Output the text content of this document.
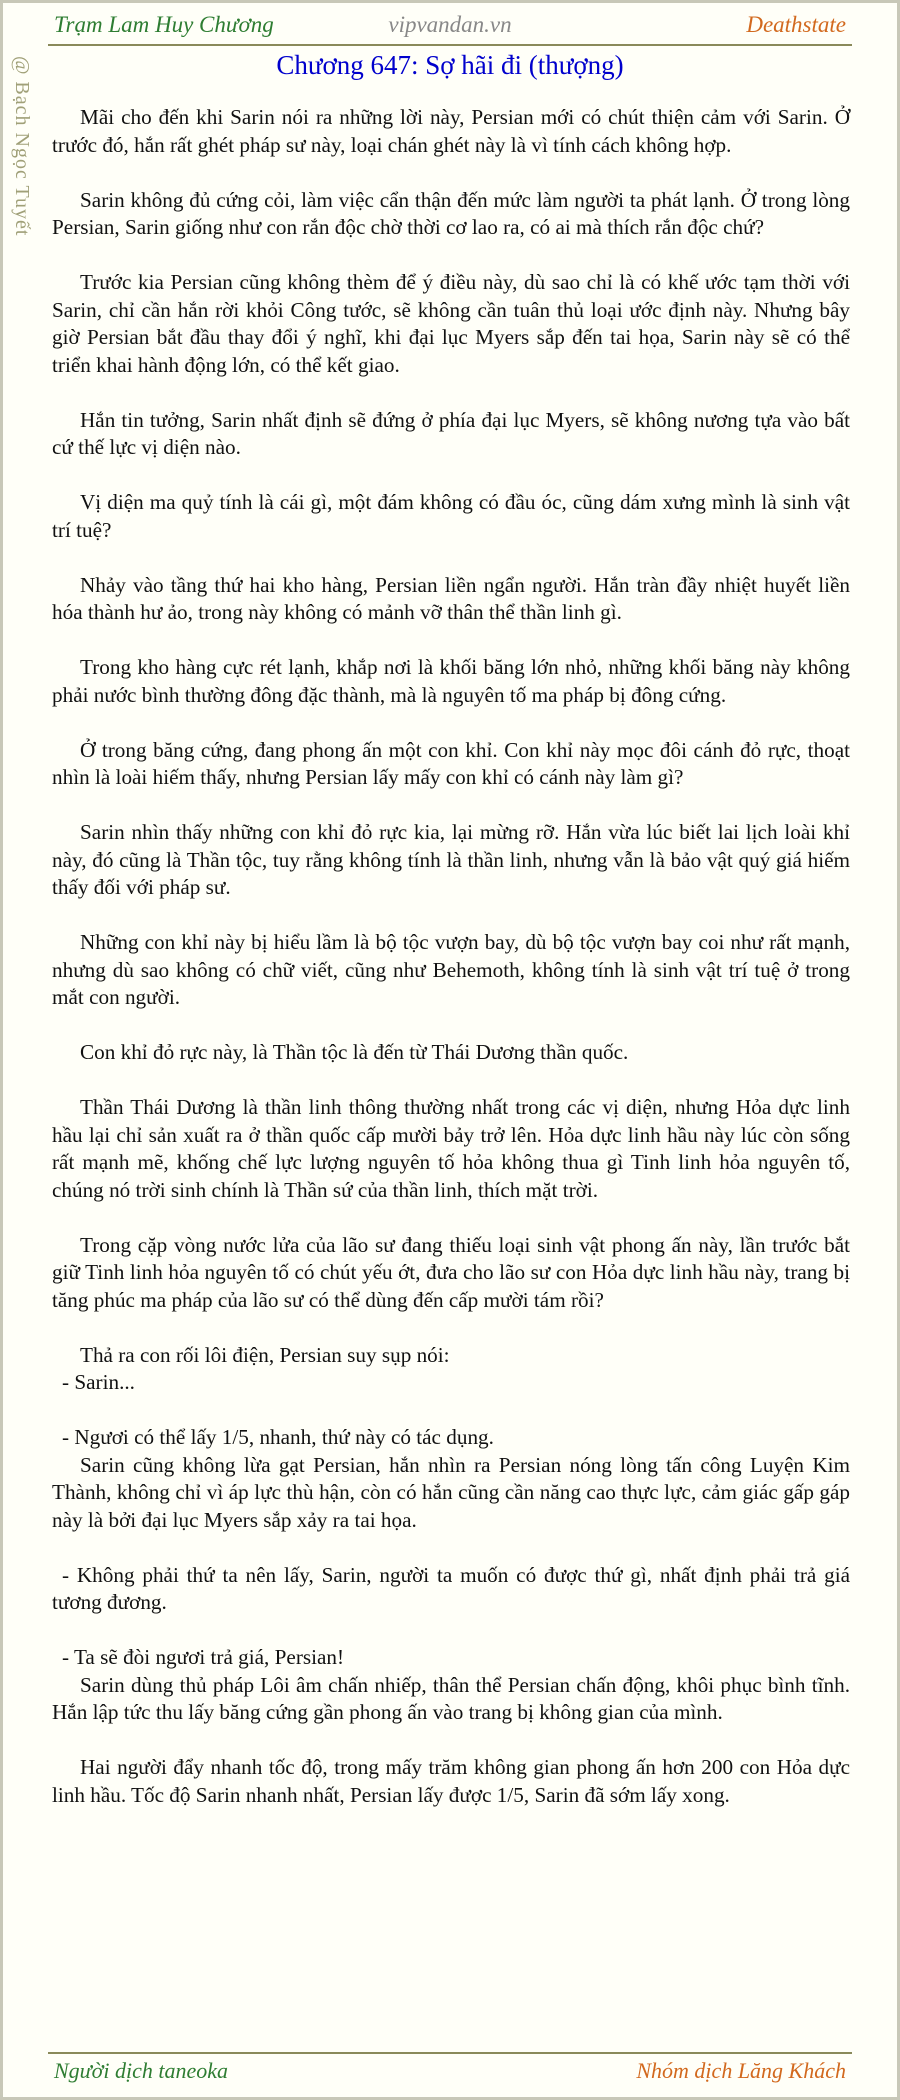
vipvandan.vn
Trạm Lam Huy Chương	Deathstate
@ Bạch Ngọc Tuyết	Chương 647: Sợ hãi đi (thượng)

Mãi cho đến khi Sarin nói ra những lời này, Persian mới có chút thiện cảm với Sarin. Ở trước đó, hắn rất ghét pháp sư này, loại chán ghét này là vì tính cách không hợp.

Sarin không đủ cứng cỏi, làm việc cẩn thận đến mức làm người ta phát lạnh. Ở trong lòng Persian, Sarin giống như con rắn độc chờ thời cơ lao ra, có ai mà thích rắn độc chứ?

Trước kia Persian cũng không thèm để ý điều này, dù sao chỉ là có khế ước tạm thời với Sarin, chỉ cần hắn rời khỏi Công tước, sẽ không cần tuân thủ loại ước định này. Nhưng bây giờ Persian bắt đầu thay đổi ý nghĩ, khi đại lục Myers sắp đến tai họa, Sarin này sẽ có thể triển khai hành động lớn, có thể kết giao.

Hắn tin tưởng, Sarin nhất định sẽ đứng ở phía đại lục Myers, sẽ không nương tựa vào bất cứ thế lực vị diện nào.

Vị diện ma quỷ tính là cái gì, một đám không có đầu óc, cũng dám xưng mình là sinh vật trí tuệ?

Nhảy vào tầng thứ hai kho hàng, Persian liền ngẩn người. Hắn tràn đầy nhiệt huyết liền hóa thành hư ảo, trong này không có mảnh vỡ thân thể thần linh gì.

Trong kho hàng cực rét lạnh, khắp nơi là khối băng lớn nhỏ, những khối băng này không phải nước bình thường đông đặc thành, mà là nguyên tố ma pháp bị đông cứng.

Ở trong băng cứng, đang phong ấn một con khỉ. Con khỉ này mọc đôi cánh đỏ rực, thoạt nhìn là loài hiếm thấy, nhưng Persian lấy mấy con khỉ có cánh này làm gì?

Sarin nhìn thấy những con khỉ đỏ rực kia, lại mừng rỡ. Hắn vừa lúc biết lai lịch loài khỉ này, đó cũng là Thần tộc, tuy rằng không tính là thần linh, nhưng vẫn là bảo vật quý giá hiếm thấy đối với pháp sư.

Những con khỉ này bị hiểu lầm là bộ tộc vượn bay, dù bộ tộc vượn bay coi như rất mạnh, nhưng dù sao không có chữ viết, cũng như Behemoth, không tính là sinh vật trí tuệ ở trong mắt con người.

Con khỉ đỏ rực này, là Thần tộc là đến từ Thái Dương thần quốc.

Thần Thái Dương là thần linh thông thường nhất trong các vị diện, nhưng Hỏa dực linh hầu lại chỉ sản xuất ra ở thần quốc cấp mười bảy trở lên. Hỏa dực linh hầu này lúc còn sống rất mạnh mẽ, khống chế lực lượng nguyên tố hỏa không thua gì Tinh linh hỏa nguyên tố, chúng nó trời sinh chính là Thần sứ của thần linh, thích mặt trời.

Trong cặp vòng nước lửa của lão sư đang thiếu loại sinh vật phong ấn này, lần trước bắt giữ Tinh linh hỏa nguyên tố có chút yếu ớt, đưa cho lão sư con Hỏa dực linh hầu này, trang bị tăng phúc ma pháp của lão sư có thể dùng đến cấp mười tám rồi?

Thả ra con rối lôi điện, Persian suy sụp nói:

- Sarin...

- Ngươi có thể lấy 1/5, nhanh, thứ này có tác dụng.

Sarin cũng không lừa gạt Persian, hắn nhìn ra Persian nóng lòng tấn công Luyện Kim Thành, không chỉ vì áp lực thù hận, còn có hắn cũng cần năng cao thực lực, cảm giác gấp gáp này là bởi đại lục Myers sắp xảy ra tai họa.

- Không phải thứ ta nên lấy, Sarin, người ta muốn có được thứ gì, nhất định phải trả giá tương đương.

- Ta sẽ đòi ngươi trả giá, Persian!

Sarin dùng thủ pháp Lôi âm chấn nhiếp, thân thể Persian chấn động, khôi phục bình tĩnh. Hắn lập tức thu lấy băng cứng gần phong ấn vào trang bị không gian của mình.

Hai người đẩy nhanh tốc độ, trong mấy trăm không gian phong ấn hơn 200 con Hỏa dực linh hầu. Tốc độ Sarin nhanh nhất, Persian lấy được 1/5, Sarin đã sớm lấy xong.

Người dịch taneoka	Nhóm dịch Lăng Khách
